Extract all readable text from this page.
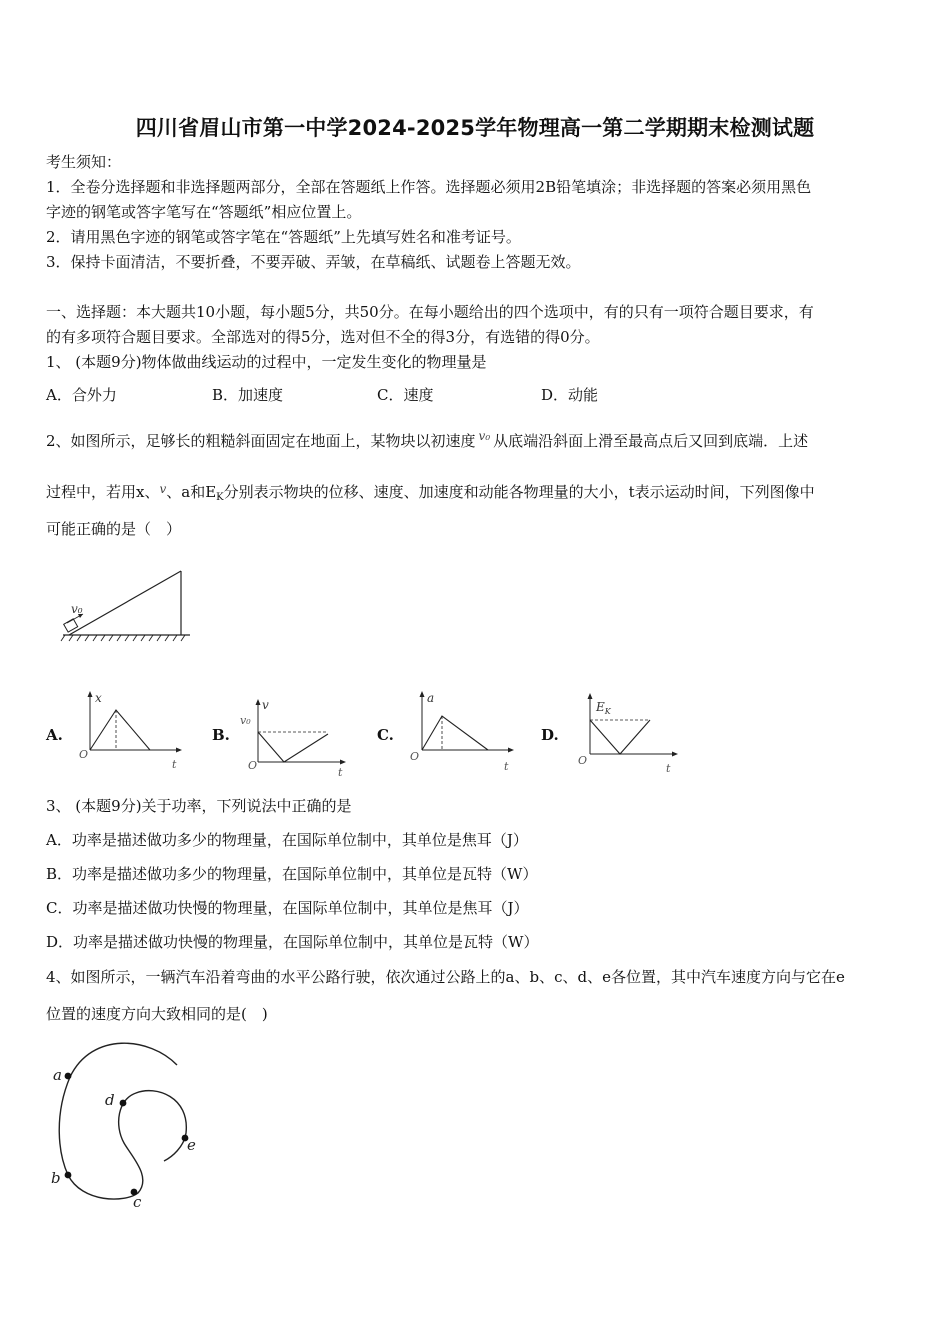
四川省眉山市第一中学2024-2025学年物理高一第二学期期末检测试题
考生须知：
1．全卷分选择题和非选择题两部分，全部在答题纸上作答。选择题必须用2B铅笔填涂；非选择题的答案必须用黑色
字迹的钢笔或答字笔写在“答题纸”相应位置上。
2．请用黑色字迹的钢笔或答字笔在“答题纸”上先填写姓名和准考证号。
3．保持卡面清洁，不要折叠，不要弄破、弄皱，在草稿纸、试题卷上答题无效。
一、选择题：本大题共10小题，每小题5分，共50分。在每小题给出的四个选项中，有的只有一项符合题目要求，有
的有多项符合题目要求。全部选对的得5分，选对但不全的得3分，有选错的得0分。
1、 (本题9分)物体做曲线运动的过程中，一定发生变化的物理量是
A．合外力	B．加速度	C．速度	D．动能
2、如图所示，足够长的粗糙斜面固定在地面上，某物块以初速度 $^{v_0}$ 从底端沿斜面上滑至最高点后又回到底端．上述
过程中，若用x、$^v$、a和$E_K$分别表示物块的位移、速度、加速度和动能各物理量的大小，t表示运动时间，下列图像中
可能正确的是（　）
v₀
A.	B.	C.	D.
x
O
t
v
v₀
O
t
a
O
t
$E_K$
O
t
3、 (本题9分)关于功率，下列说法中正确的是
A．功率是描述做功多少的物理量，在国际单位制中，其单位是焦耳（J）
B．功率是描述做功多少的物理量，在国际单位制中，其单位是瓦特（W）
C．功率是描述做功快慢的物理量，在国际单位制中，其单位是焦耳（J）
D．功率是描述做功快慢的物理量，在国际单位制中，其单位是瓦特（W）
4、如图所示，一辆汽车沿着弯曲的水平公路行驶，依次通过公路上的a、b、c、d、e各位置，其中汽车速度方向与它在e
位置的速度方向大致相同的是(　)
a
b
c
d
e
